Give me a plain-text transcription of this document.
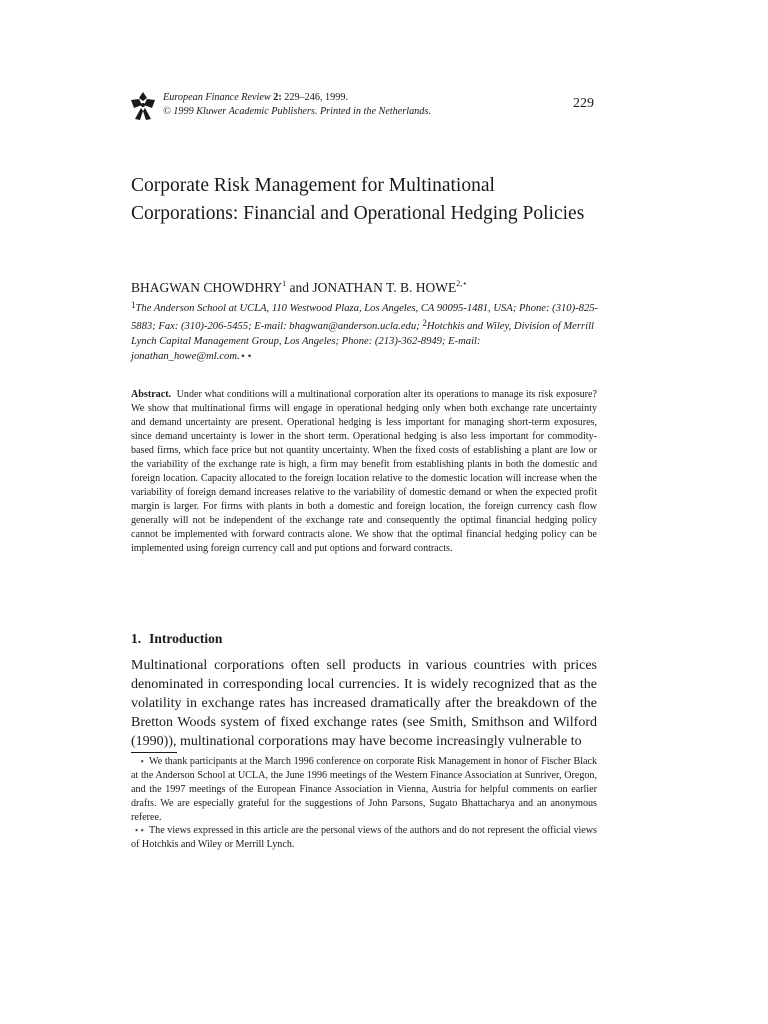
European Finance Review 2: 229–246, 1999.
© 1999 Kluwer Academic Publishers. Printed in the Netherlands.
229
Corporate Risk Management for Multinational Corporations: Financial and Operational Hedging Policies
BHAGWAN CHOWDHRY$^1$ and JONATHAN T. B. $HOWE^{2,⋆}$
$^1$The Anderson School at UCLA, 110 Westwood Plaza, Los Angeles, CA 90095-1481, USA; Phone: (310)-825-5883; Fax: (310)-206-5455; E-mail: bhagwan@anderson.ucla.edu; $^2$Hotchkis and Wiley, Division of Merrill Lynch Capital Management Group, Los Angeles; Phone: (213)-362-8949; E-mail: jonathan_howe@ml.com.⋆⋆
Abstract. Under what conditions will a multinational corporation alter its operations to manage its risk exposure? We show that multinational firms will engage in operational hedging only when both exchange rate uncertainty and demand uncertainty are present. Operational hedging is less important for managing short-term exposures, since demand uncertainty is lower in the short term. Operational hedging is also less important for commodity-based firms, which face price but not quantity uncertainty. When the fixed costs of establishing a plant are low or the variability of the exchange rate is high, a firm may benefit from establishing plants in both the domestic and foreign location. Capacity allocated to the foreign location relative to the domestic location will increase when the variability of foreign demand increases relative to the variability of domestic demand or when the expected profit margin is larger. For firms with plants in both a domestic and foreign location, the foreign currency cash flow generally will not be independent of the exchange rate and consequently the optimal financial hedging policy cannot be implemented with forward contracts alone. We show that the optimal financial hedging policy can be implemented using foreign currency call and put options and forward contracts.
1. Introduction
Multinational corporations often sell products in various countries with prices denominated in corresponding local currencies. It is widely recognized that as the volatility in exchange rates has increased dramatically after the breakdown of the Bretton Woods system of fixed exchange rates (see Smith, Smithson and Wilford (1990)), multinational corporations may have become increasingly vulnerable to
⋆ We thank participants at the March 1996 conference on corporate Risk Management in honor of Fischer Black at the Anderson School at UCLA, the June 1996 meetings of the Western Finance Association at Sunriver, Oregon, and the 1997 meetings of the European Finance Association in Vienna, Austria for helpful comments on earlier drafts. We are especially grateful for the suggestions of John Parsons, Sugato Bhattacharya and an anonymous referee.
⋆⋆ The views expressed in this article are the personal views of the authors and do not represent the official views of Hotchkis and Wiley or Merrill Lynch.
